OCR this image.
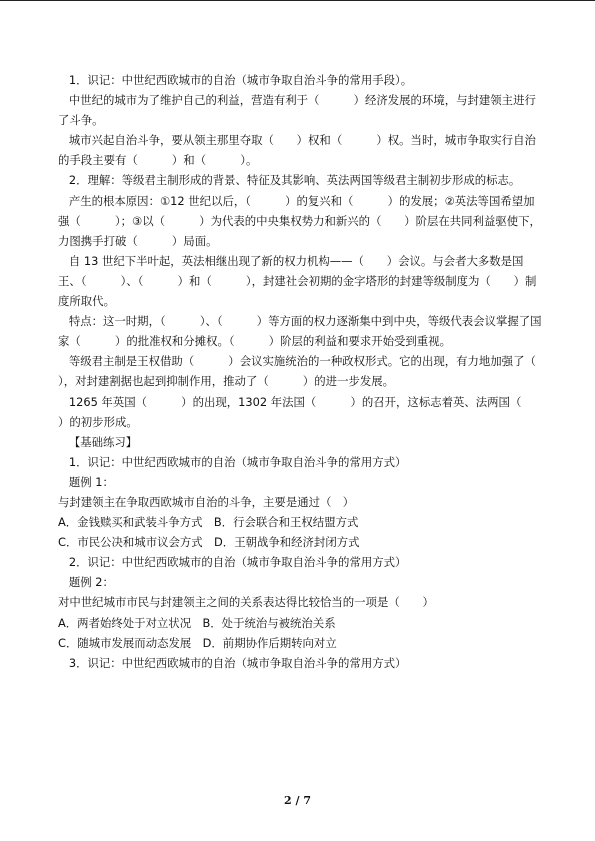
1．识记：中世纪西欧城市的自治（城市争取自治斗争的常用手段）。

中世纪的城市为了维护自己的利益，营造有利于（　　　）经济发展的环境，与封建领主进行了斗争。

城市兴起自治斗争，要从领主那里夺取（　　）权和（　　　）权。当时，城市争取实行自治的手段主要有（　　　）和（　　　）。

2．理解：等级君主制形成的背景、特征及其影响、英法两国等级君主制初步形成的标志。

产生的根本原因：①12 世纪以后，（　　　）的复兴和（　　　）的发展；②英法等国希望加强（　　　）；③以（　　　）为代表的中央集权势力和新兴的（　　）阶层在共同利益驱使下，力图携手打破（　　　）局面。

自 13 世纪下半叶起，英法相继出现了新的权力机构——（　　）会议。与会者大多数是国王、（　　　）、（　　　）和（　　　），封建社会初期的金字塔形的封建等级制度为（　　）制度所取代。

特点：这一时期，（　　　）、（　　　）等方面的权力逐渐集中到中央，等级代表会议掌握了国家（　　　）的批准权和分摊权。（　　　）阶层的利益和要求开始受到重视。

等级君主制是王权借助（　　　）会议实施统治的一种政权形式。它的出现，有力地加强了（　　　），对封建割据也起到抑制作用，推动了（　　　）的进一步发展。

1265 年英国（　　　）的出现，1302 年法国（　　　）的召开，这标志着英、法两国（　　　）的初步形成。

【基础练习】

1．识记：中世纪西欧城市的自治（城市争取自治斗争的常用方式）

题例 1：

与封建领主在争取西欧城市自治的斗争，主要是通过（　）

A．金钱赎买和武装斗争方式　B．行会联合和王权结盟方式

C．市民公决和城市议会方式　D．王朝战争和经济封闭方式

2．识记：中世纪西欧城市的自治（城市争取自治斗争的常用方式）

题例 2：

对中世纪城市市民与封建领主之间的关系表达得比较恰当的一项是（　　）

A．两者始终处于对立状况　B．处于统治与被统治关系

C．随城市发展而动态发展　D．前期协作后期转向对立

3．识记：中世纪西欧城市的自治（城市争取自治斗争的常用方式）

2 / 7
